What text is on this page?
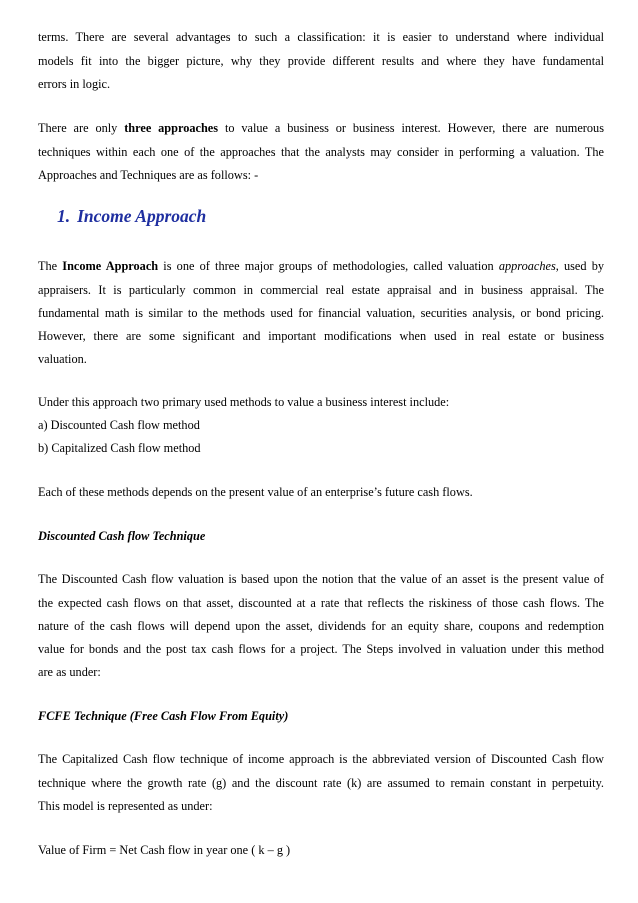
terms. There are several advantages to such a classification: it is easier to understand where individual
models fit into the bigger picture, why they provide different results and where they have fundamental
errors in logic.
There are only three approaches to value a business or business interest. However, there are numerous
techniques within each one of the approaches that the analysts may consider in performing a valuation. The
Approaches and Techniques are as follows: -
1. Income Approach
The Income Approach is one of three major groups of methodologies, called valuation approaches, used by
appraisers. It is particularly common in commercial real estate appraisal and in business appraisal. The
fundamental math is similar to the methods used for financial valuation, securities analysis, or bond pricing.
However, there are some significant and important modifications when used in real estate or business
valuation.
Under this approach two primary used methods to value a business interest include:
a) Discounted Cash flow method
b) Capitalized Cash flow method
Each of these methods depends on the present value of an enterprise’s future cash flows.
Discounted Cash flow Technique
The Discounted Cash flow valuation is based upon the notion that the value of an asset is the present value of
the expected cash flows on that asset, discounted at a rate that reflects the riskiness of those cash flows. The
nature of the cash flows will depend upon the asset, dividends for an equity share, coupons and redemption
value for bonds and the post tax cash flows for a project. The Steps involved in valuation under this method
are as under:
FCFE Technique (Free Cash Flow From Equity)
The Capitalized Cash flow technique of income approach is the abbreviated version of Discounted Cash flow
technique where the growth rate (g) and the discount rate (k) are assumed to remain constant in perpetuity.
This model is represented as under:
Value of Firm = Net Cash flow in year one ( k – g )
